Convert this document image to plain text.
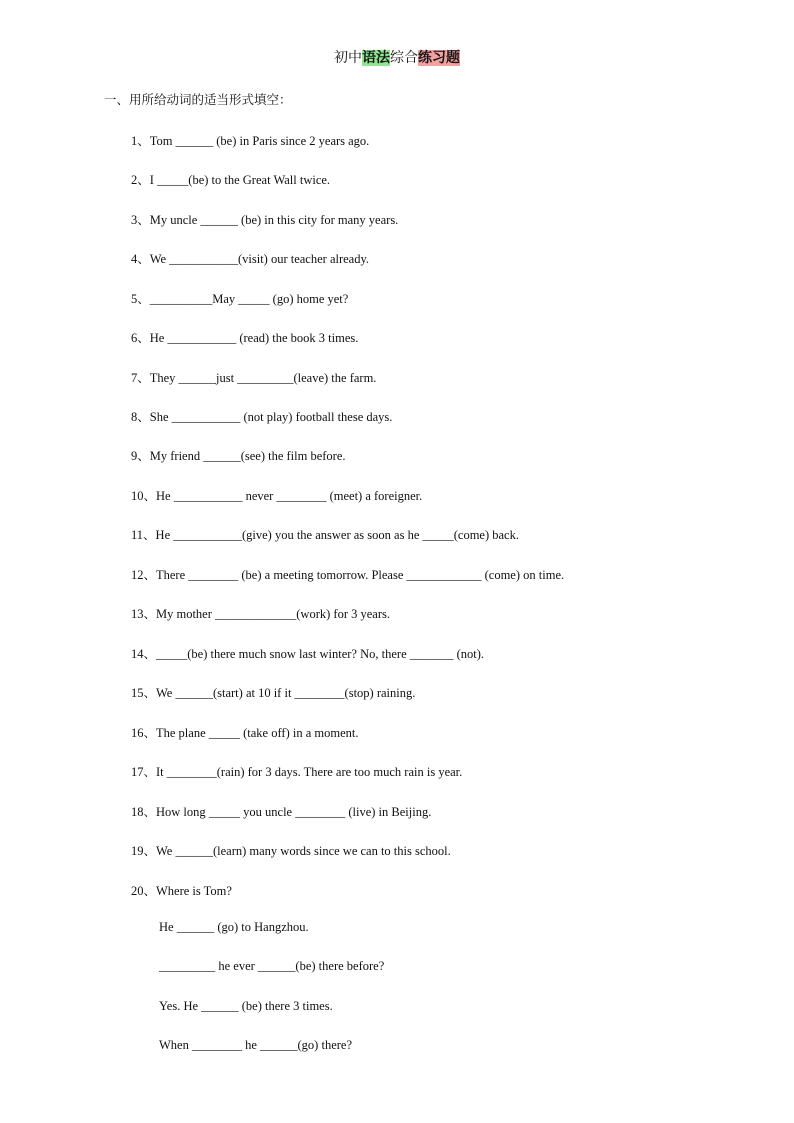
初中语法综合练习题
一、用所给动词的适当形式填空：
1、Tom ______ (be) in Paris since 2 years ago.
2、I _____(be) to the Great Wall twice.
3、My uncle ______ (be) in this city for many years.
4、We ___________(visit) our teacher already.
5、__________May _____ (go) home yet?
6、He ___________ (read) the book 3 times.
7、They ______just _________(leave) the farm.
8、She ___________ (not play) football these days.
9、My friend ______(see) the film before.
10、He ___________ never ________ (meet) a foreigner.
11、He ___________(give) you the answer as soon as he _____(come) back.
12、There ________ (be) a meeting tomorrow. Please ____________ (come) on time.
13、My mother _____________(work) for 3 years.
14、_____(be) there much snow last winter? No, there _______ (not).
15、We ______(start) at 10 if it ________(stop) raining.
16、The plane _____ (take off) in a moment.
17、It ________(rain) for 3 days. There are too much rain is year.
18、How long _____ you uncle ________ (live) in Beijing.
19、We ______(learn) many words since we can to this school.
20、Where is Tom?
He ______ (go) to Hangzhou.
_________ he ever ______(be) there before?
Yes. He ______ (be) there 3 times.
When ________ he ______(go) there?
